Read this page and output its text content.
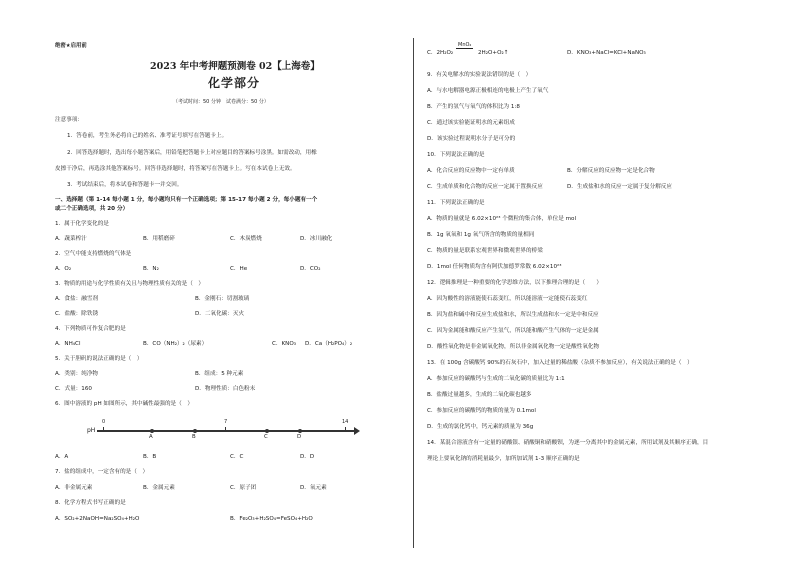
绝密★启用前
2023 年中考押题预测卷 02【上海卷】
化学部分
（考试时间：50 分钟　试卷满分：50 分）
注意事项：
1．答卷前，考生务必将自己的姓名、准考证号填写在答题卡上。
2．回答选择题时，选出每小题答案后，用铅笔把答题卡上对应题目的答案标号涂黑。如需改动，用橡
皮擦干净后，再选涂其他答案标号。回答非选择题时，将答案写在答题卡上。写在本试卷上无效。
3．考试结束后，将本试卷和答题卡一并交回。
一、选择题（第 1-14 每小题 1 分，每小题均只有一个正确选项；第 15-17 每小题 2 分，每小题有一个
或二个正确选项，共 20 分）
1．属于化学变化的是
A．蔬菜榨汁	B．用稻磨碎	C．木炭燃烧	D．冰川融化
2．空气中能支持燃烧的气体是
A．O₂	B．N₂	C．He	D．CO₂
3．物质的用途与化学性质有关且与物理性质有关的是（　）
A．食盐：融雪剂	B．金刚石：切割玻璃
C．盐酸：除铁锈	D．二氧化碳：灭火
4．下列物质可作复合肥的是
A．NH₄Cl	B．CO（NH₂）₂（尿素）	C．KNO₃ D．Ca（H₂PO₄）₂
5．关于胆矾的说法正确的是（　）
A．类别：纯净物	B．组成：5 种元素
C．式量：160	D．物理性质：白色粉末
6．图中溶液的 pH 如图所示，其中碱性最强的是（　）
pH
0	7	14
A	B	C	D
A．A	B．B	C．C	D．D
7．盐的组成中，一定含有的是（　）
A．非金属元素	B．金属元素	C．原子团	D．氧元素
8．化学方程式书写正确的是
A．SO₂+2NaOH=Na₂SO₄+H₂O	B．Fe₂O₃+H₂SO₄=FeSO₄+H₂O
C．2H₂O₂
MnO₂
2H₂O+O₂↑	D．KNO₃+NaCl=KCl+NaNO₃
9．有关电解水的实验说法错误的是（　）
A．与水电解器电源正极相连的电极上产生了氧气
B．产生的氢气与氧气的体积比为 1:8
C．通过该实验能证明水的元素组成
D．该实验过程说明水分子是可分的
10．下列说法正确的是
A．化合反应的反应物中一定有单质	B．分解反应的反应物一定是化合物
C．生成单质和化合物的反应一定属于置换反应	D．生成盐和水的反应一定属于复分解反应
11．下列说法正确的是
A．物质的量就是 6.02×10²³ 个微粒的集合体，单位是 mol
B．1g 氧氧和 1g 氧气所含的物质的量相同
C．物质的量是联系宏观世界和微观世界的桥梁
D．1mol 任何物质均含有阿伏加德罗常数 6.02×10²³
12．逻辑推理是一种重要的化学思维方法，以下推理合理的是（　　）
A．因为酸性的溶液能使石蕊变红，所以能溶液一定能使石蕊变红
B．因为盐和碱中和反应生成盐和水，所以生成盐和水一定是中和反应
C．因为金属能和酸反应产生氢气，所以能和酸产生气体的一定是金属
D．酸性氧化物是非金属氧化物，所以非金属氧化物一定是酸性氧化物
13．在 100g 含碳酸钙 90%的石灰石中，加入过量的稀盐酸（杂质不参加反应），有关说法正确的是（　）
A．参加反应的碳酸钙与生成的二氧化碳的质量比为 1:1
B．盐酸过量越多，生成的二氧化碳也越多
C．参加反应的碳酸钙的物质的量为 0.1mol
D．生成的氯化钙中，钙元素的质量为 36g
14．某混合溶液含有一定量的硝酸银、硝酸铜和硝酸钡，为逐一分离其中的金属元素，所用试剂及其顺序正确，目
理论上要氧化钠的消耗量最少，加所加试剂 1-3 顺序正确的是
